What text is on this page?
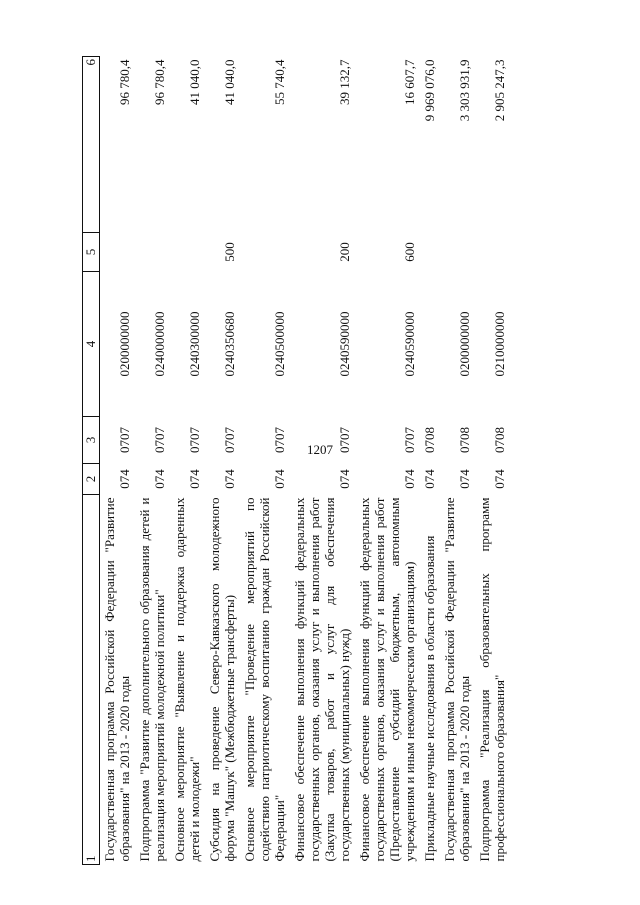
1207
1	2	3	4	5	6
Государственная программа Российской Федерации "Развитие образования" на 2013 - 2020 годы	074	0707	0200000000		96 780,4
Подпрограмма "Развитие дополнительного образования детей и реализация мероприятий молодежной политики"	074	0707	0240000000		96 780,4
Основное мероприятие "Выявление и поддержка одаренных детей и молодежи"	074	0707	0240300000		41 040,0
Субсидия на проведение Северо-Кавказского молодежного форума "Машук" (Межбюджетные трансферты)	074	0707	0240350680	500	41 040,0
Основное мероприятие "Проведение мероприятий по содействию патриотическому воспитанию граждан Российской Федерации"	074	0707	0240500000		55 740,4
Финансовое обеспечение выполнения функций федеральных государственных органов, оказания услуг и выполнения работ (Закупка товаров, работ и услуг для обеспечения государственных (муниципальных) нужд)	074	0707	0240590000	200	39 132,7
Финансовое обеспечение выполнения функций федеральных государственных органов, оказания услуг и выполнения работ (Предоставление субсидий бюджетным, автономным учреждениям и иным некоммерческим организациям)	074	0707	0240590000	600	16 607,7
Прикладные научные исследования в области образования	074	0708			9 969 076,0
Государственная программа Российской Федерации "Развитие образования" на 2013 - 2020 годы	074	0708	0200000000		3 303 931,9
Подпрограмма "Реализация образовательных программ профессионального образования"	074	0708	0210000000		2 905 247,3
